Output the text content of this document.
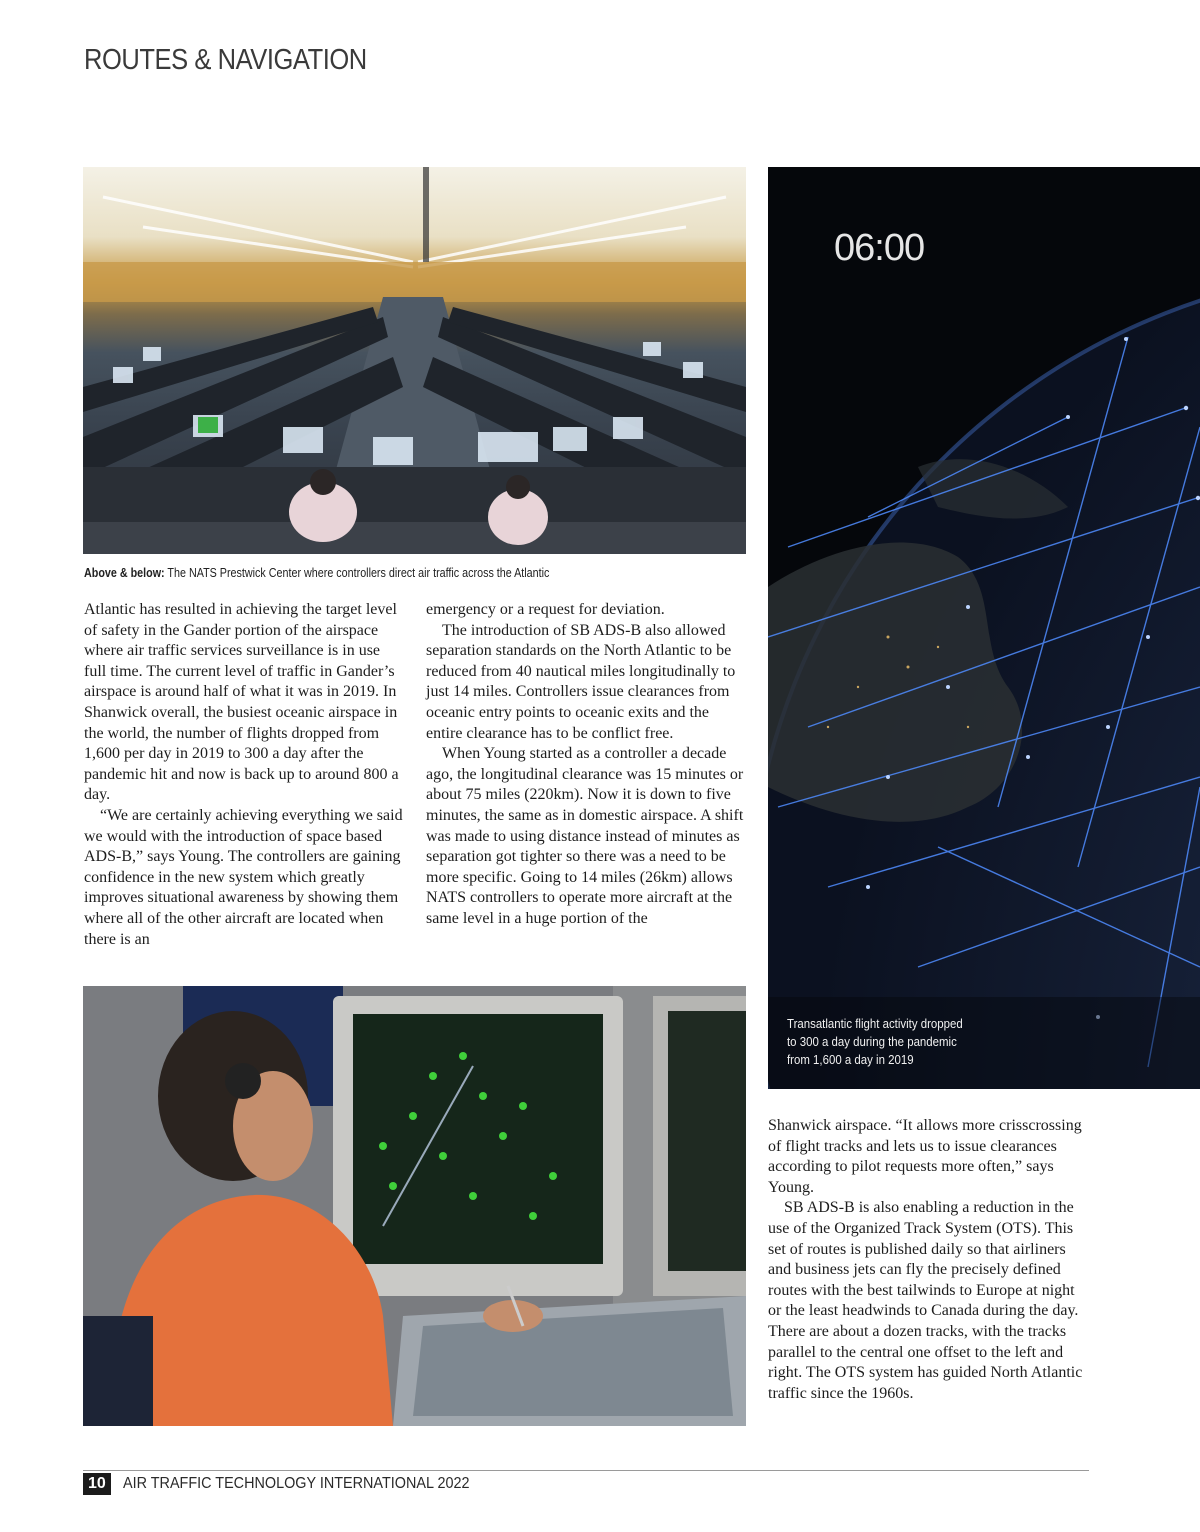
ROUTES & NAVIGATION
Above & below: The NATS Prestwick Center where controllers direct air traffic across the Atlantic

Atlantic has resulted in achieving the target level of safety in the Gander portion of the airspace where air traffic services surveillance is in use full time. The current level of traffic in Gander’s airspace is around half of what it was in 2019. In Shanwick overall, the busiest oceanic airspace in the world, the number of flights dropped from 1,600 per day in 2019 to 300 a day after the pandemic hit and now is back up to around 800 a day.

“We are certainly achieving everything we said we would with the introduction of space based ADS-B,” says Young. The controllers are gaining confidence in the new system which greatly improves situational awareness by showing them where all of the other aircraft are located when there is an

emergency or a request for deviation.

The introduction of SB ADS-B also allowed separation standards on the North Atlantic to be reduced from 40 nautical miles longitudinally to just 14 miles. Controllers issue clearances from oceanic entry points to oceanic exits and the entire clearance has to be conflict free.

When Young started as a controller a decade ago, the longitudinal clearance was 15 minutes or about 75 miles (220km). Now it is down to five minutes, the same as in domestic airspace. A shift was made to using distance instead of minutes as separation got tighter so there was a need to be more specific. Going to 14 miles (26km) allows NATS controllers to operate more aircraft at the same level in a huge portion of the

06:00
Transatlantic flight activity dropped to 300 a day during the pandemic from 1,600 a day in 2019

Shanwick airspace. “It allows more crisscrossing of flight tracks and lets us to issue clearances according to pilot requests more often,” says Young.

SB ADS-B is also enabling a reduction in the use of the Organized Track System (OTS). This set of routes is published daily so that airliners and business jets can fly the precisely defined routes with the best tailwinds to Europe at night or the least headwinds to Canada during the day. There are about a dozen tracks, with the tracks parallel to the central one offset to the left and right. The OTS system has guided North Atlantic traffic since the 1960s.

10	AIR TRAFFIC TECHNOLOGY INTERNATIONAL 2022
